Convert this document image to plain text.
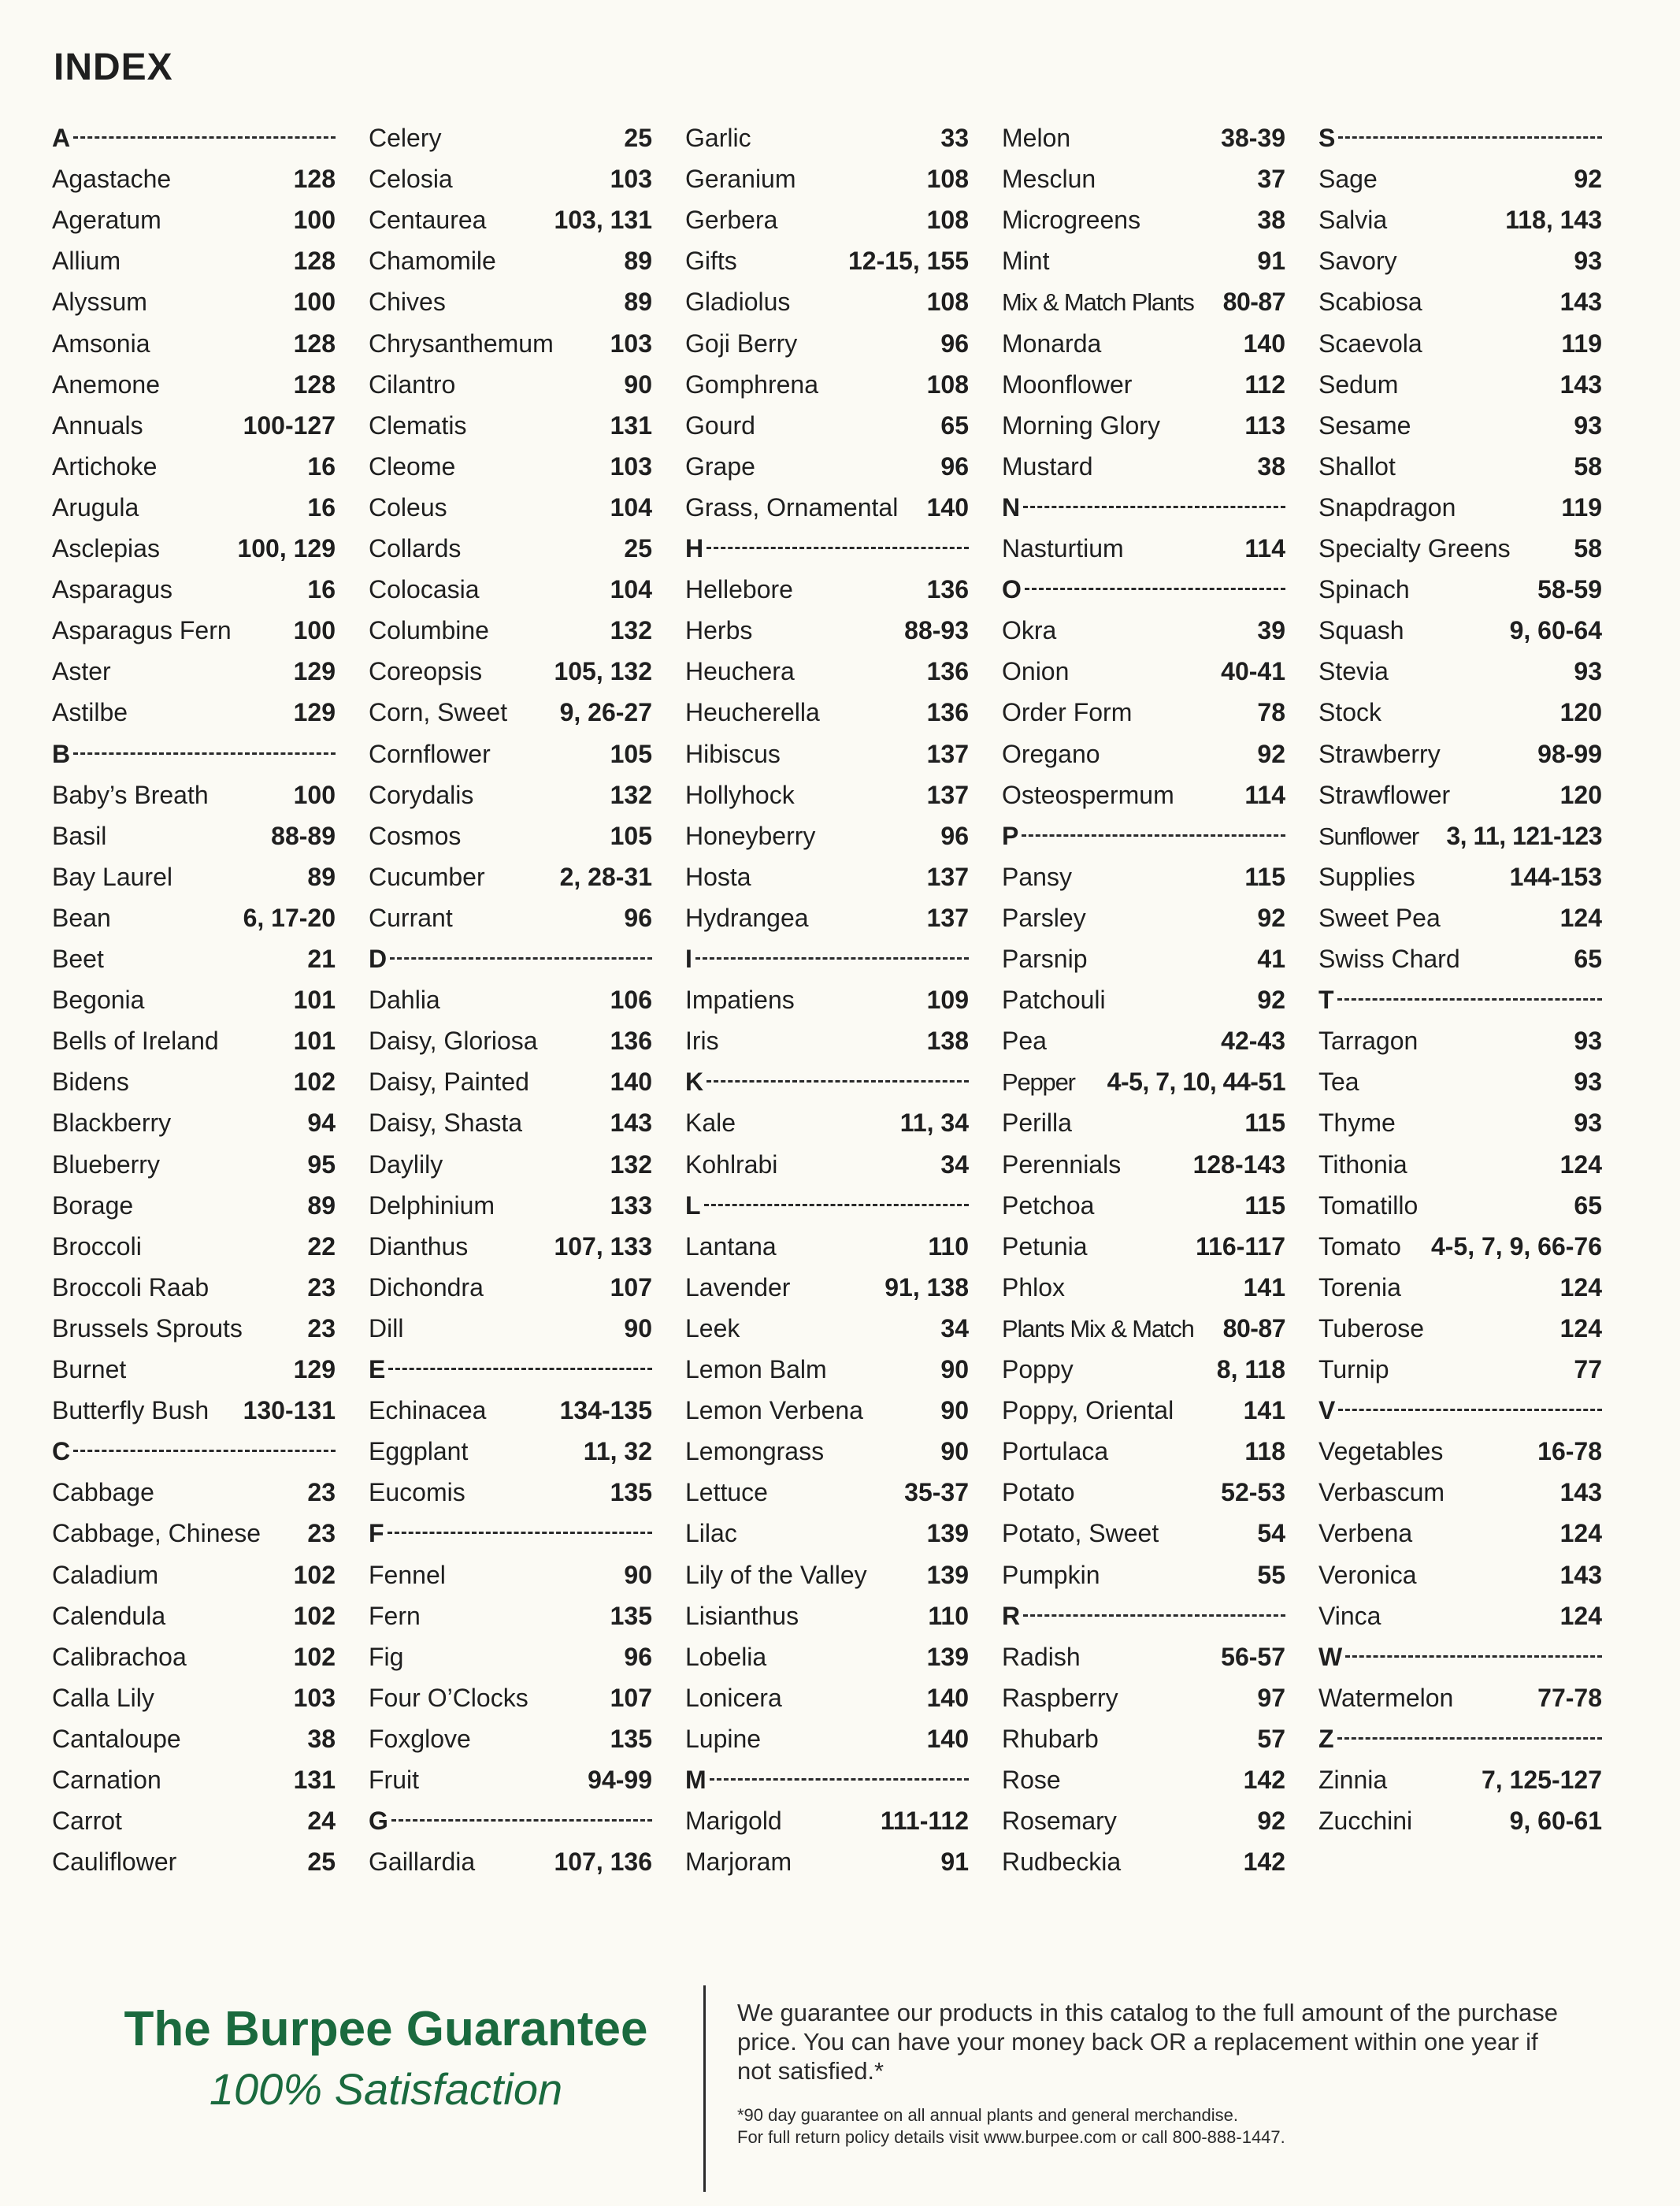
INDEX
A
Agastache	128
Ageratum	100
Allium	128
Alyssum	100
Amsonia	128
Anemone	128
Annuals	100-127
Artichoke	16
Arugula	16
Asclepias	100, 129
Asparagus	16
Asparagus Fern	100
Aster	129
Astilbe	129
B
Baby’s Breath	100
Basil	88-89
Bay Laurel	89
Bean	6, 17-20
Beet	21
Begonia	101
Bells of Ireland	101
Bidens	102
Blackberry	94
Blueberry	95
Borage	89
Broccoli	22
Broccoli Raab	23
Brussels Sprouts	23
Burnet	129
Butterfly Bush	130-131
C
Cabbage	23
Cabbage, Chinese	23
Caladium	102
Calendula	102
Calibrachoa	102
Calla Lily	103
Cantaloupe	38
Carnation	131
Carrot	24
Cauliflower	25
Celery	25
Celosia	103
Centaurea	103, 131
Chamomile	89
Chives	89
Chrysanthemum	103
Cilantro	90
Clematis	131
Cleome	103
Coleus	104
Collards	25
Colocasia	104
Columbine	132
Coreopsis	105, 132
Corn, Sweet	9, 26-27
Cornflower	105
Corydalis	132
Cosmos	105
Cucumber	2, 28-31
Currant	96
D
Dahlia	106
Daisy, Gloriosa	136
Daisy, Painted	140
Daisy, Shasta	143
Daylily	132
Delphinium	133
Dianthus	107, 133
Dichondra	107
Dill	90
E
Echinacea	134-135
Eggplant	11, 32
Eucomis	135
F
Fennel	90
Fern	135
Fig	96
Four O’Clocks	107
Foxglove	135
Fruit	94-99
G
Gaillardia	107, 136
Garlic	33
Geranium	108
Gerbera	108
Gifts	12-15, 155
Gladiolus	108
Goji Berry	96
Gomphrena	108
Gourd	65
Grape	96
Grass, Ornamental	140
H
Hellebore	136
Herbs	88-93
Heuchera	136
Heucherella	136
Hibiscus	137
Hollyhock	137
Honeyberry	96
Hosta	137
Hydrangea	137
I
Impatiens	109
Iris	138
K
Kale	11, 34
Kohlrabi	34
L
Lantana	110
Lavender	91, 138
Leek	34
Lemon Balm	90
Lemon Verbena	90
Lemongrass	90
Lettuce	35-37
Lilac	139
Lily of the Valley	139
Lisianthus	110
Lobelia	139
Lonicera	140
Lupine	140
M
Marigold	111-112
Marjoram	91
Melon	38-39
Mesclun	37
Microgreens	38
Mint	91
Mix & Match Plants	80-87
Monarda	140
Moonflower	112
Morning Glory	113
Mustard	38
N
Nasturtium	114
O
Okra	39
Onion	40-41
Order Form	78
Oregano	92
Osteospermum	114
P
Pansy	115
Parsley	92
Parsnip	41
Patchouli	92
Pea	42-43
Pepper	4-5, 7, 10, 44-51
Perilla	115
Perennials	128-143
Petchoa	115
Petunia	116-117
Phlox	141
Plants Mix & Match	80-87
Poppy	8, 118
Poppy, Oriental	141
Portulaca	118
Potato	52-53
Potato, Sweet	54
Pumpkin	55
R
Radish	56-57
Raspberry	97
Rhubarb	57
Rose	142
Rosemary	92
Rudbeckia	142
S
Sage	92
Salvia	118, 143
Savory	93
Scabiosa	143
Scaevola	119
Sedum	143
Sesame	93
Shallot	58
Snapdragon	119
Specialty Greens	58
Spinach	58-59
Squash	9, 60-64
Stevia	93
Stock	120
Strawberry	98-99
Strawflower	120
Sunflower	3, 11, 121-123
Supplies	144-153
Sweet Pea	124
Swiss Chard	65
T
Tarragon	93
Tea	93
Thyme	93
Tithonia	124
Tomatillo	65
Tomato	4-5, 7, 9, 66-76
Torenia	124
Tuberose	124
Turnip	77
V
Vegetables	16-78
Verbascum	143
Verbena	124
Veronica	143
Vinca	124
W
Watermelon	77-78
Z
Zinnia	7, 125-127
Zucchini	9, 60-61
The Burpee Guarantee
100% Satisfaction
We guarantee our products in this catalog to the full amount of the purchase price. You can have your money back OR a replacement within one year if not satisfied.*
*90 day guarantee on all annual plants and general merchandise.
For full return policy details visit www.burpee.com or call 800-888-1447.
